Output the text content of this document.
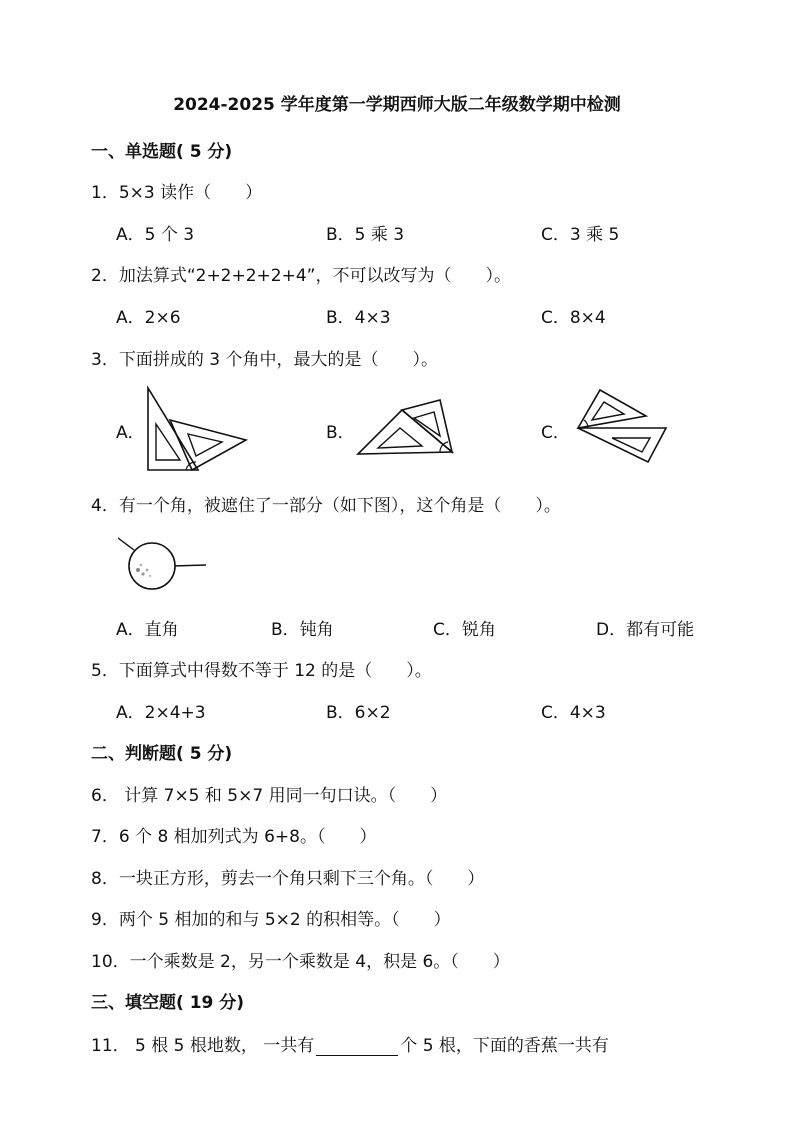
2024-2025 学年度第一学期西师大版二年级数学期中检测
一、单选题( 5 分)
1．5×3 读作（　　）
A．5 个 3	B．5 乘 3	C．3 乘 5
2．加法算式“2+2+2+2+4”，不可以改写为（　　）。
A．2×6	B．4×3	C．8×4
3．下面拼成的 3 个角中，最大的是（　　）。
A．	B．	C．
4．有一个角，被遮住了一部分（如下图），这个角是（　　）。
A．直角	B．钝角	C．锐角	D．都有可能
5．下面算式中得数不等于 12 的是（　　）。
A．2×4+3	B．6×2	C．4×3
二、判断题( 5 分)
6． 计算 7×5 和 5×7 用同一句口诀。（　　）
7．6 个 8 相加列式为 6+8。（　　）
8．一块正方形，剪去一个角只剩下三个角。（　　）
9．两个 5 相加的和与 5×2 的积相等。（　　）
10．一个乘数是 2，另一个乘数是 4，积是 6。（　　）
三、填空题( 19 分)
11． 5 根 5 根地数， 一共有	个 5 根，下面的香蕉一共有
